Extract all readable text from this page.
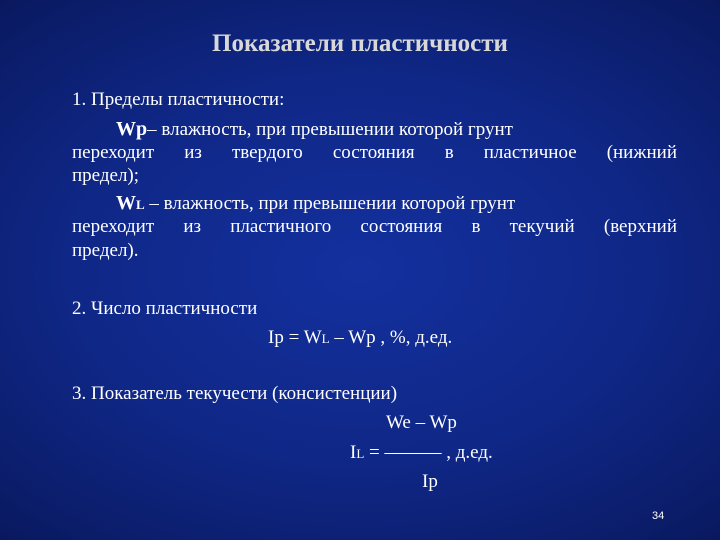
Показатели пластичности
1. Пределы пластичности:
Wp– влажность, при превышении которой грунт
переходит из твердого состояния в пластичное (нижний
предел);
WL – влажность, при превышении которой грунт
переходит из пластичного состояния в текучий (верхний
предел).
2. Число пластичности
Ip = WL – Wp , %, д.ед.
3. Показатель текучести (консистенции)
We – Wp
IL = ——— , д.ед.
Ip
34
